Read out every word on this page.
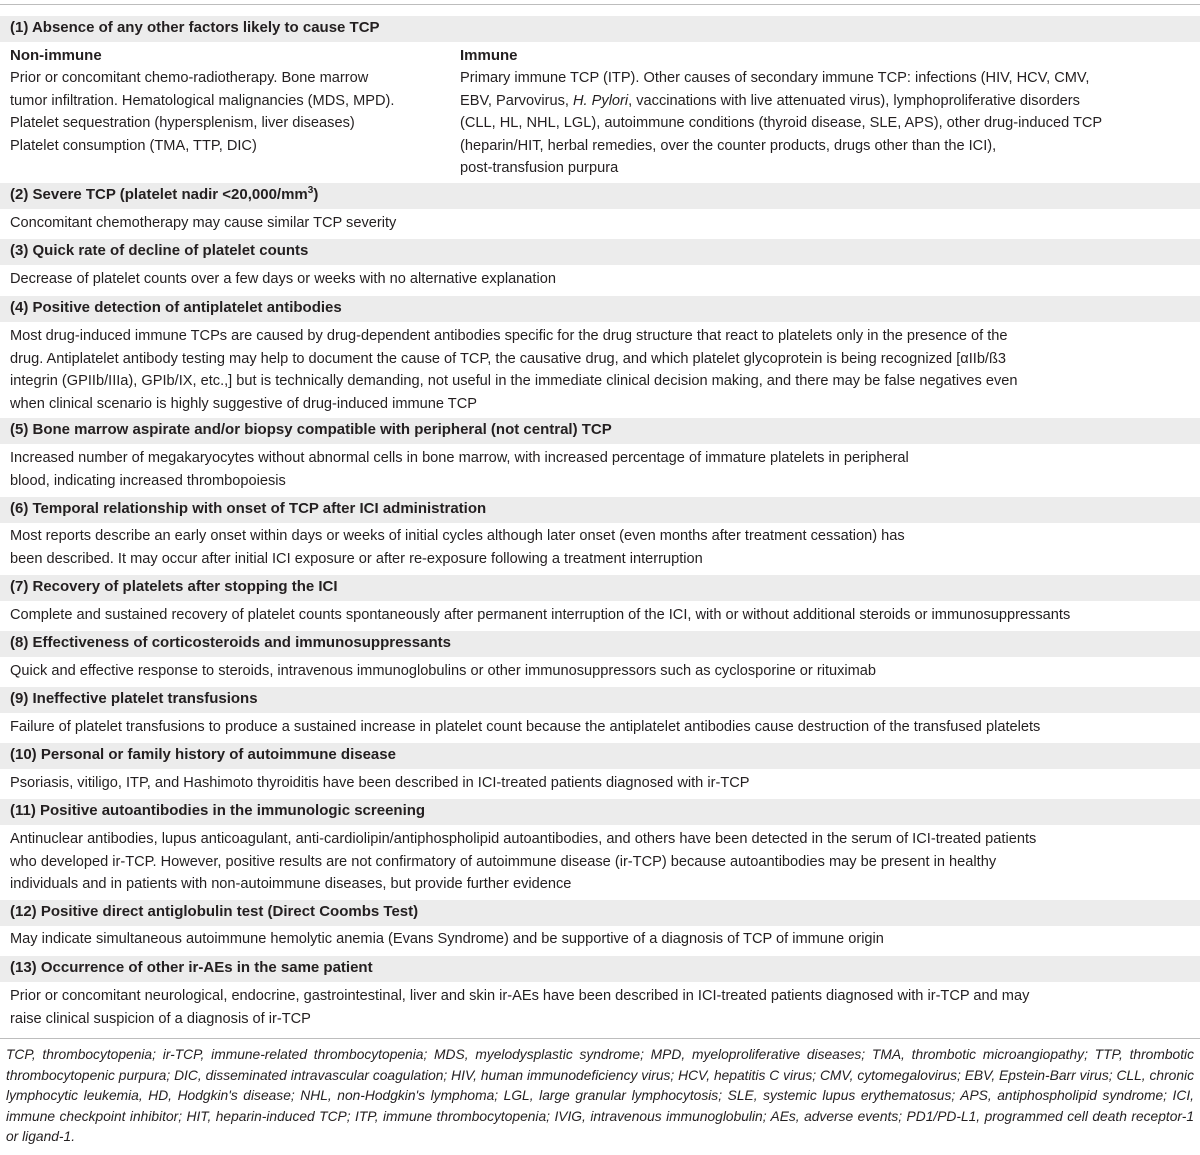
(1) Absence of any other factors likely to cause TCP
Non-immune
Prior or concomitant chemo-radiotherapy. Bone marrow
tumor infiltration. Hematological malignancies (MDS, MPD).
Platelet sequestration (hypersplenism, liver diseases)
Platelet consumption (TMA, TTP, DIC)
Immune
Primary immune TCP (ITP). Other causes of secondary immune TCP: infections (HIV, HCV, CMV,
EBV, Parvovirus, H. Pylori, vaccinations with live attenuated virus), lymphoproliferative disorders
(CLL, HL, NHL, LGL), autoimmune conditions (thyroid disease, SLE, APS), other drug-induced TCP
(heparin/HIT, herbal remedies, over the counter products, drugs other than the ICI),
post-transfusion purpura
(2) Severe TCP (platelet nadir $<20,000/mm^3$)
Concomitant chemotherapy may cause similar TCP severity
(3) Quick rate of decline of platelet counts
Decrease of platelet counts over a few days or weeks with no alternative explanation
(4) Positive detection of antiplatelet antibodies
Most drug-induced immune TCPs are caused by drug-dependent antibodies specific for the drug structure that react to platelets only in the presence of the
drug. Antiplatelet antibody testing may help to document the cause of TCP, the causative drug, and which platelet glycoprotein is being recognized [αIIb/ß3
integrin (GPIIb/IIIa), GPIb/IX, etc.,] but is technically demanding, not useful in the immediate clinical decision making, and there may be false negatives even
when clinical scenario is highly suggestive of drug-induced immune TCP
(5) Bone marrow aspirate and/or biopsy compatible with peripheral (not central) TCP
Increased number of megakaryocytes without abnormal cells in bone marrow, with increased percentage of immature platelets in peripheral
blood, indicating increased thrombopoiesis
(6) Temporal relationship with onset of TCP after ICI administration
Most reports describe an early onset within days or weeks of initial cycles although later onset (even months after treatment cessation) has
been described. It may occur after initial ICI exposure or after re-exposure following a treatment interruption
(7) Recovery of platelets after stopping the ICI
Complete and sustained recovery of platelet counts spontaneously after permanent interruption of the ICI, with or without additional steroids or immunosuppressants
(8) Effectiveness of corticosteroids and immunosuppressants
Quick and effective response to steroids, intravenous immunoglobulins or other immunosuppressors such as cyclosporine or rituximab
(9) Ineffective platelet transfusions
Failure of platelet transfusions to produce a sustained increase in platelet count because the antiplatelet antibodies cause destruction of the transfused platelets
(10) Personal or family history of autoimmune disease
Psoriasis, vitiligo, ITP, and Hashimoto thyroiditis have been described in ICI-treated patients diagnosed with ir-TCP
(11) Positive autoantibodies in the immunologic screening
Antinuclear antibodies, lupus anticoagulant, anti-cardiolipin/antiphospholipid autoantibodies, and others have been detected in the serum of ICI-treated patients
who developed ir-TCP. However, positive results are not confirmatory of autoimmune disease (ir-TCP) because autoantibodies may be present in healthy
individuals and in patients with non-autoimmune diseases, but provide further evidence
(12) Positive direct antiglobulin test (Direct Coombs Test)
May indicate simultaneous autoimmune hemolytic anemia (Evans Syndrome) and be supportive of a diagnosis of TCP of immune origin
(13) Occurrence of other ir-AEs in the same patient
Prior or concomitant neurological, endocrine, gastrointestinal, liver and skin ir-AEs have been described in ICI-treated patients diagnosed with ir-TCP and may
raise clinical suspicion of a diagnosis of ir-TCP
TCP, thrombocytopenia; ir-TCP, immune-related thrombocytopenia; MDS, myelodysplastic syndrome; MPD, myeloproliferative diseases; TMA, thrombotic microangiopathy; TTP, thrombotic thrombocytopenic purpura; DIC, disseminated intravascular coagulation; HIV, human immunodeficiency virus; HCV, hepatitis C virus; CMV, cytomegalovirus; EBV, Epstein-Barr virus; CLL, chronic lymphocytic leukemia, HD, Hodgkin's disease; NHL, non-Hodgkin's lymphoma; LGL, large granular lymphocytosis; SLE, systemic lupus erythematosus; APS, antiphospholipid syndrome; ICI, immune checkpoint inhibitor; HIT, heparin-induced TCP; ITP, immune thrombocytopenia; IVIG, intravenous immunoglobulin; AEs, adverse events; PD1/PD-L1, programmed cell death receptor-1 or ligand-1.
